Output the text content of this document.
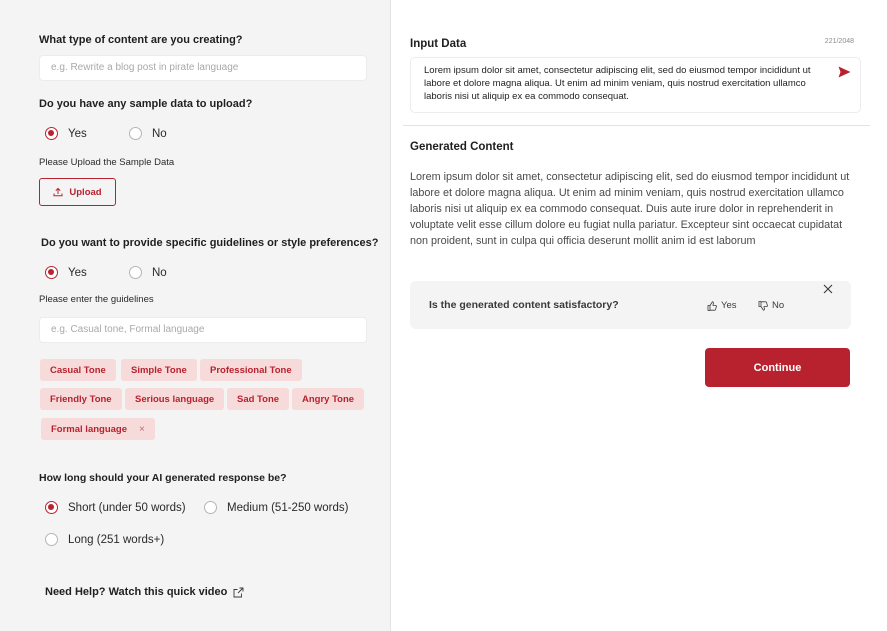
What type of content are you creating?
e.g. Rewrite a blog post in pirate language
Do you have any sample data to upload?
Yes	No
Please Upload the Sample Data
Upload
Do you want to provide specific guidelines or style preferences?
Yes	No
Please enter the guidelines
e.g. Casual tone, Formal language
Casual Tone	Simple Tone	Professional Tone
Friendly Tone	Serious language	Sad Tone	Angry Tone
Formal language ×
How long should your AI generated response be?
Short (under 50 words)	Medium (51-250 words)
Long (251 words+)
Need Help? Watch this quick video
Input Data	221/2048
Lorem ipsum dolor sit amet, consectetur adipiscing elit, sed do eiusmod tempor incididunt ut labore et dolore magna aliqua. Ut enim ad minim veniam, quis nostrud exercitation ullamco laboris nisi ut aliquip ex ea commodo consequat.
Generated Content
Lorem ipsum dolor sit amet, consectetur adipiscing elit, sed do eiusmod tempor incididunt ut labore et dolore magna aliqua. Ut enim ad minim veniam, quis nostrud exercitation ullamco laboris nisi ut aliquip ex ea commodo consequat. Duis aute irure dolor in reprehenderit in voluptate velit esse cillum dolore eu fugiat nulla pariatur. Excepteur sint occaecat cupidatat non proident, sunt in culpa qui officia deserunt mollit anim id est laborum
Is the generated content satisfactory?	Yes	No
Continue
